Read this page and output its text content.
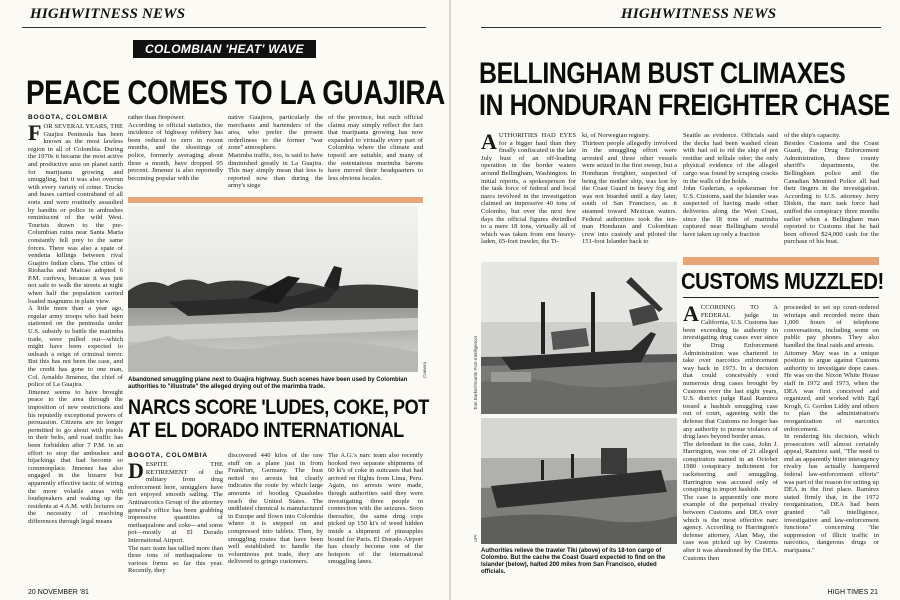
HIGHWITNESS NEWS
COLOMBIAN 'HEAT' WAVE
PEACE COMES TO LA GUAJIRA
BOGOTA, COLOMBIA
FOR SEVERAL YEARS, THE Guajira Peninsula has been known as the most lawless region in all of Colombia. During the 1970s it became the most active and productive area on planet earth for marijuana growing and smuggling, but it was also overrun with every variety of crime. Trucks and buses carried contraband of all sorts and were routinely assaulted by bandits or police in ambushes reminiscent of the wild West. Tourists drawn to the pre-Columbian ruins near Santa Marta constantly fell prey to the same forces. There was also a spate of vendetta killings between rival Guajiro Indian clans. The cities of Riohacha and Maicao adopted 6 P.M. curfews, because it was just not safe to walk the streets at night when half the population carried loaded magnums in plain view.
A little more than a year ago, regular army troops who had been stationed on the peninsula under U.S. subsidy to battle the marimba trade, were pulled out—which might have been expected to unleash a reign of criminal terror. But this has not been the case, and the credit has gone to one man, Col. Arnaldo Jimenez, the chief of police of La Guajira.
Jimenez seems to have brought peace to the area through the imposition of new restrictions and his reputedly exceptional powers of persuasion. Citizens are no longer permitted to go about with pistols in their belts, and road traffic has been forbidden after 7 P.M. in an effort to stop the ambushes and hijackings that had become so commonplace. Jimenez has also engaged in the bizarre but apparently effective tactic of wiring the more volatile areas with loudspeakers and waking up the residents at 4 A.M. with lectures on the necessity of resolving differences through legal means
rather than firepower.
According to official statistics, the incidence of highway robbery has been reduced to zero in recent months, and the shootings of police, formerly averaging about three a month, have dropped 95 percent. Jimenez is also reportedly becoming popular with the
native Guajiros, particularly the merchants and bartenders of the area, who prefer the present orderliness to the former "war zone" atmosphere.
Marimba traffic, too, is said to have diminished greatly in La Guajira. This may simply mean that less is reported now than during the army's siege
of the province, but such official claims may simply reflect the fact that marijuana growing has now expanded to virtually every part of Colombia where the climate and topsoil are suitable, and many of the ostentatious marimba barons have moved their headquarters to less obvious locales.
Camera
Abandoned smuggling plane next to Guajira highway. Such scenes have been used by Colombian authorities to "illustrate" the alleged drying out of the marimba trade.
NARCS SCORE 'LUDES, COKE, POT
AT EL DORADO INTERNATIONAL
BOGOTA, COLOMBIA
DESPITE THE RETIREMENT of the military from drug enforcement here, smugglers have not enjoyed smooth sailing. The Antinarcotics Group of the attorney general's office has been grabbing impressive quantities of methaqualone and coke—and some pot—mostly at El Dorado International Airport.
The narc team has tallied more than three tons of methaqualone in various forms so far this year. Recently, they
discovered 440 kilos of the raw stuff on a plane just in from Frankfurt, Germany. The bust netted no arrests but clearly indicates the route by which large amounts of bootleg Quaaludes reach the United States. The undiluted chemical is manufactured in Europe and flown into Colombia where it is stepped on and compressed into tablets. Then, by smuggling routes that have been well established to handle the voluminous pot trade, they are delivered to gringo customers.
The A.G.'s narc team also recently hooked two separate shipments of 60 ki's of coke in suitcases that had arrived on flights from Lima, Peru. Again, no arrests were made, though authorities said they were investigating three people in connection with the seizures. Soon thereafter, the same drug cops picked up 150 ki's of weed hidden inside a shipment of pineapples bound for Paris. El Dorado Airport has clearly become one of the hotspots of the international smuggling lanes.
20 NOVEMBER '81
HIGHWITNESS NEWS
BELLINGHAM BUST CLIMAXES
IN HONDURAN FREIGHTER CHASE
AUTHORITIES HAD EYES for a bigger haul than they finally confiscated in the late July bust of an off-loading operation in the border waters around Bellingham, Washington. In initial reports, a spokesperson for the task force of federal and local narcs involved in the investigation claimed an impressive 40 tons of Colombo, but over the next few days the official figures dwindled to a mere 18 tons, virtually all of which was taken from one heavy-laden, 65-foot trawler, the Ti-
ki, of Norwegian registry.
Thirteen people allegedly involved in the smuggling effort were arrested and three other vessels were seized in the first sweep, but a Honduran freighter, suspected of being the mother ship, was lost by the Coast Guard in heavy fog and was not boarded until a day later, south of San Francisco, as it steamed toward Mexican waters. Federal authorities took the ten-man Honduran and Colombian crew into custody and piloted the 151-foot Islander back to
Seattle as evidence. Officials said the decks had been washed clean with fuel oil to rid the ship of pot residue and telltale odor; the only physical evidence of the alleged cargo was found by scraping cracks in the walls of the holds.
John Guderian, a spokesman for U.S. Customs, said the Islander was suspected of having made other deliveries along the West Coast, since the 18 tons of marimba captured near Bellingham would have taken up only a fraction
of the ship's capacity.
Besides Customs and the Coast Guard, the Drug Enforcement Administration, three county sheriff's departments, the Bellingham police and the Canadian Mounted Police all had their fingers in the investigation. According to U.S. attorney Jerry Diskin, the narc task force had sniffed the conspiracy three months earlier when a Bellingham man reported to Customs that he had been offered $24,000 cash for the purchase of his boat.
CUSTOMS MUZZLED!
Tom Barker/Seattle Post-Intelligencer
UPI
Authorities relieve the trawler Tiki (above) of its 18-ton cargo of Colombo. But the cache the Coast Guard expected to find on the Islander (below), halted 200 miles from San Francisco, eluded officials.
ACCORDING TO A FEDERAL judge in California, U.S. Customs has been exceeding its authority in investigating drug cases ever since the Drug Enforcement Administration was chartered to take over narcotics enforcement way back in 1973. In a decision that could conceivably void numerous drug cases brought by Customs over the last eight years, U.S. district judge Raul Ramirez tossed a hashish smuggling case out of court, agreeing with the defense that Customs no longer has any authority to pursue violators of drug laws beyond border areas.
The defendant in the case, John J. Harrington, was one of 21 alleged conspirators named in an October 1980 conspiracy indictment for racketeering and smuggling. Harrington was accused only of conspiring to import hashish.
The case is apparently one more example of the perpetual rivalry between Customs and DEA over which is the most effective narc agency. According to Harrington's defense attorney, Alan May, the case was picked up by Customs after it was abandoned by the DEA. Customs then
proceeded to set up court-ordered wiretaps and recorded more than 1,000 hours of telephone conversations, including some on public pay phones. They also handled the final raids and arrests.
Attorney May was in a unique position to argue against Customs authority to investigate dope cases. He was on the Nixon White House staff in 1972 and 1973, when the DEA was first conceived and organized, and worked with Egil Krogh, G. Gordon Liddy and others to plan the administration's reorganization of narcotics enforcement.
In rendering his decision, which prosecutors will almost certainly appeal, Ramirez said, "The need to end an apparently bitter interagency rivalry has actually hampered federal law-enforcement efforts" was part of the reason for setting up DEA in the first place. Ramirez stated firmly that, in the 1972 reorganization, DEA had been granted "all intelligence, investigative and law-enforcement functions" concerning "the suppression of illicit traffic in narcotics, dangerous drugs or marijuana."
HIGH TIMES 21
